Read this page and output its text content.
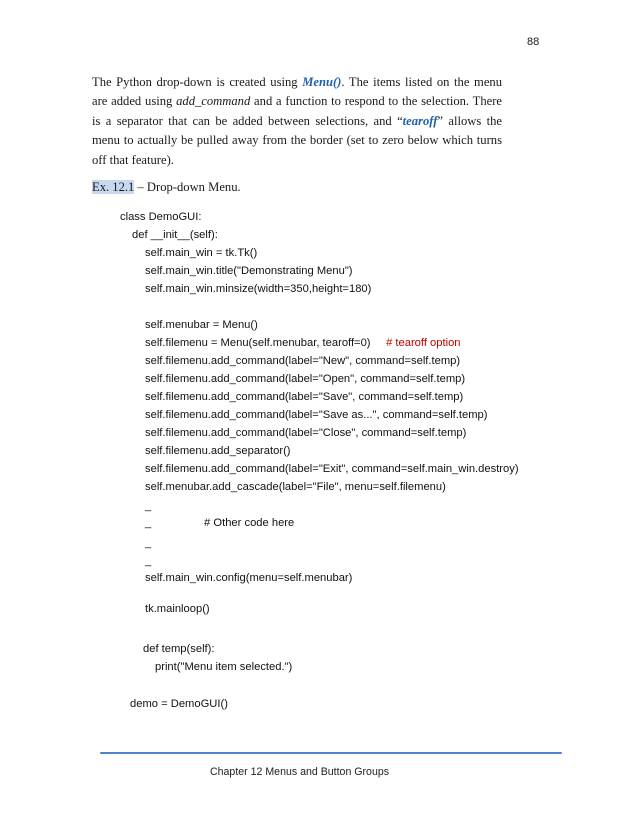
88
The Python drop-down is created using Menu(). The items listed on the menu are added using add_command and a function to respond to the selection. There is a separator that can be added between selections, and “tearoff” allows the menu to actually be pulled away from the border (set to zero below which turns off that feature).
Ex. 12.1 – Drop-down Menu.
class DemoGUI:
def __init__(self):
self.main_win = tk.Tk()
self.main_win.title("Demonstrating Menu")
self.main_win.minsize(width=350,height=180)
self.menubar = Menu()
self.filemenu = Menu(self.menubar, tearoff=0)     # tearoff option
self.filemenu.add_command(label="New", command=self.temp)
self.filemenu.add_command(label="Open", command=self.temp)
self.filemenu.add_command(label="Save", command=self.temp)
self.filemenu.add_command(label="Save as...", command=self.temp)
self.filemenu.add_command(label="Close", command=self.temp)
self.filemenu.add_separator()
self.filemenu.add_command(label="Exit", command=self.main_win.destroy)
self.menubar.add_cascade(label="File", menu=self.filemenu)
_
_                 # Other code here
_
_
self.main_win.config(menu=self.menubar)
tk.mainloop()
def temp(self):
print("Menu item selected.")
demo = DemoGUI()
Chapter 12 Menus and Button Groups
